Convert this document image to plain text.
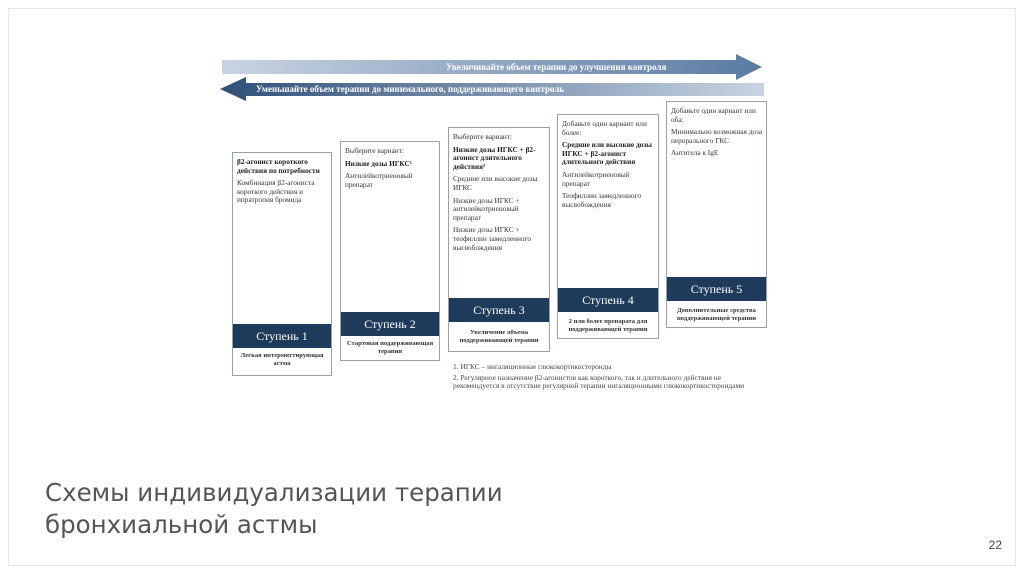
Увеличивайте объем терапии до улучшения контроля
Уменьшайте объем терапии до минимального, поддерживающего контроль

β2-агонист короткого действия по потребности

Комбинация β2-агониста короткого действия и ипратропия бромида

Ступень 1
Легкая интермиттирующая астма

Выберите вариант:

Низкие дозы ИГКС¹

Антилейкотриеновый препарат

Ступень 2
Стартовая поддерживающая терапия

Выберите вариант:

Низкие дозы ИГКС + β2-агонист длительного действия²

Средние или высокие дозы ИГКС

Низкие дозы ИГКС + антилейкотриеновый препарат

Низкие дозы ИГКС + теофиллин замедленного высвобождения

Ступень 3
Увеличение объема поддерживающей терапии

Добавьте один вариант или более:

Средние или высокие дозы ИГКС + β2-агонист длительного действия

Антилейкотриеновый препарат

Теофиллин замедленного высвобождения

Ступень 4
2 или более препарата для поддерживающей терапии

Добавьте один вариант или оба:

Минимально возможная доза перорального ГКС

Антитела к IgE

Ступень 5
Дополнительные средства поддерживающей терапии

1. ИГКС – ингаляционные глюкокортикостероиды

2. Регулярное назначение β2-агонистов как короткого, так и длительного действия не рекомендуется в отсутствие регулярной терапии ингаляционными глюкокортикостероидами

Схемы индивидуализации терапии
бронхиальной астмы
22
